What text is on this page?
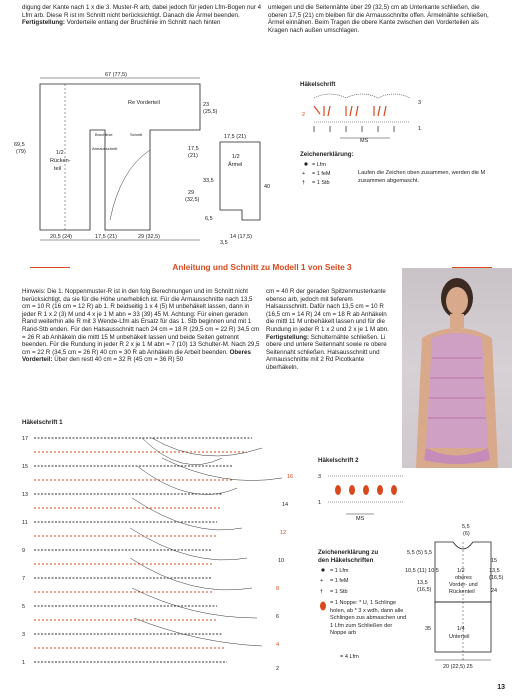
digung der Kante nach 1 x die 3. Muster-R arb, dabei jedoch für jeden Lfm-Bogen nur 4 Lfm arb. Diese R ist im Schnitt nicht berücksichtigt. Danach die Ärmel beenden.
Fertigstellung: Vorderteile entlang der Bruchlinie im Schnitt nach hinten
umlegen und die Seitennähte über 29 (32,5) cm ab Unterkante schließen, die oberen 17,5 (21) cm bleiben für die Armausschnitte offen. Ärmelnähte schließen, Ärmel einnähen. Beim Tragen die obere Kante zwischen den Vorderteilen als Kragen nach außen umschlagen.
67 (77,5)
Re Vorderteil	23
(25,5)
69,5
(79)	1/2
Rücken-
teil
Bruchlinie	Schnitt
Armausschnitt
20,5 (24)	17,5 (21)	29 (32,5)
17,5
(21)
29
(32,5)
17,5 (21)
1/2
Ärmel
33,5
6,5
40
3,5
14 (17,5)
Häkelschrift
3
2
1
MS
Zeichenerklärung:
= Lfm
+ = 1 feM
† = 1 Stb
Laufen die Zeichen oben zusammen, werden die M zusammen abgemascht.
Anleitung und Schnitt zu Modell 1 von Seite 3
Hinweis: Die 1. Noppenmuster-R ist in den folg Berechnungen und im Schnitt nicht berücksichtigt, da sie für die Höhe unerheblich ist. Für die Armausschnitte nach 13,5 cm = 10 R (16 cm = 12 R) ab 1. R beidseitig 1 x 4 (5) M unbehäkelt lassen, dann in jeder R 1 x 2 (3) M und 4 x je 1 M abn = 33 (39) 45 M. Achtung: Für einen geraden Rand weiterhin alle R mit 3 Wende-Lfm als Ersatz für das 1. Stb beginnen und mit 1 Rand-Stb enden. Für den Halsausschnitt nach 24 cm = 18 R (29,5 cm = 22 R) 34,5 cm = 26 R ab Anhäkeln die mittl 15 M unbehäkelt lassen und beide Seiten getrennt beenden. Für die Rundung in jeder R 2 x je 1 M abn = 7 (10) 13 Schulter-M. Nach 29,5 cm = 22 R (34,5 cm = 26 R) 40 cm = 30 R ab Anhäkeln die Arbeit beenden. Oberes Vorderteil: Über den restl 40 cm = 32 R (45 cm = 36 R) 50
cm = 40 R der geraden Spitzenmusterkante ebenso arb, jedoch mit tieferem Halsausschnitt. Dafür nach 13,5 cm = 10 R (16,5 cm = 14 R) 24 cm = 18 R ab Anhäkeln die mittl 11 M unbehäkelt lassen und für die Rundung in jeder R 1 x 2 und 2 x je 1 M abn. Fertigstellung: Schulternähte schließen. Li obere und untere Seitennaht sowie re obere Seitennaht schließen. Halsausschnitt und Armausschnitte mit 2 Rd Picotkante überhäkeln.
Häkelschrift 1
17
15
13
11
9
7
5
3
1
16
14
12
10
8
6
4
2
Häkelschrift 2
3
1
MS
Zeichenerklärung zu
den Häkelschriften
= 1 Lfm
+ = 1 feM
† = 1 Stb
= 1 Noppe: * U, 1 Schlinge holen, ab * 3 x wdh, dann alle Schlingen zus abmaschen und 1 Lfm zum Schließen der Noppe arb
= 4 Lfm
5,5
(6)
5,5 (5) 5,5
10,5 (11) 10,5
15
13,5
(16,5)
24
1/2
oberes
Vorder- und
Rückenteil
13,5
(16,5)
35	1/4
Unterteil
20 (22,5) 25
13
